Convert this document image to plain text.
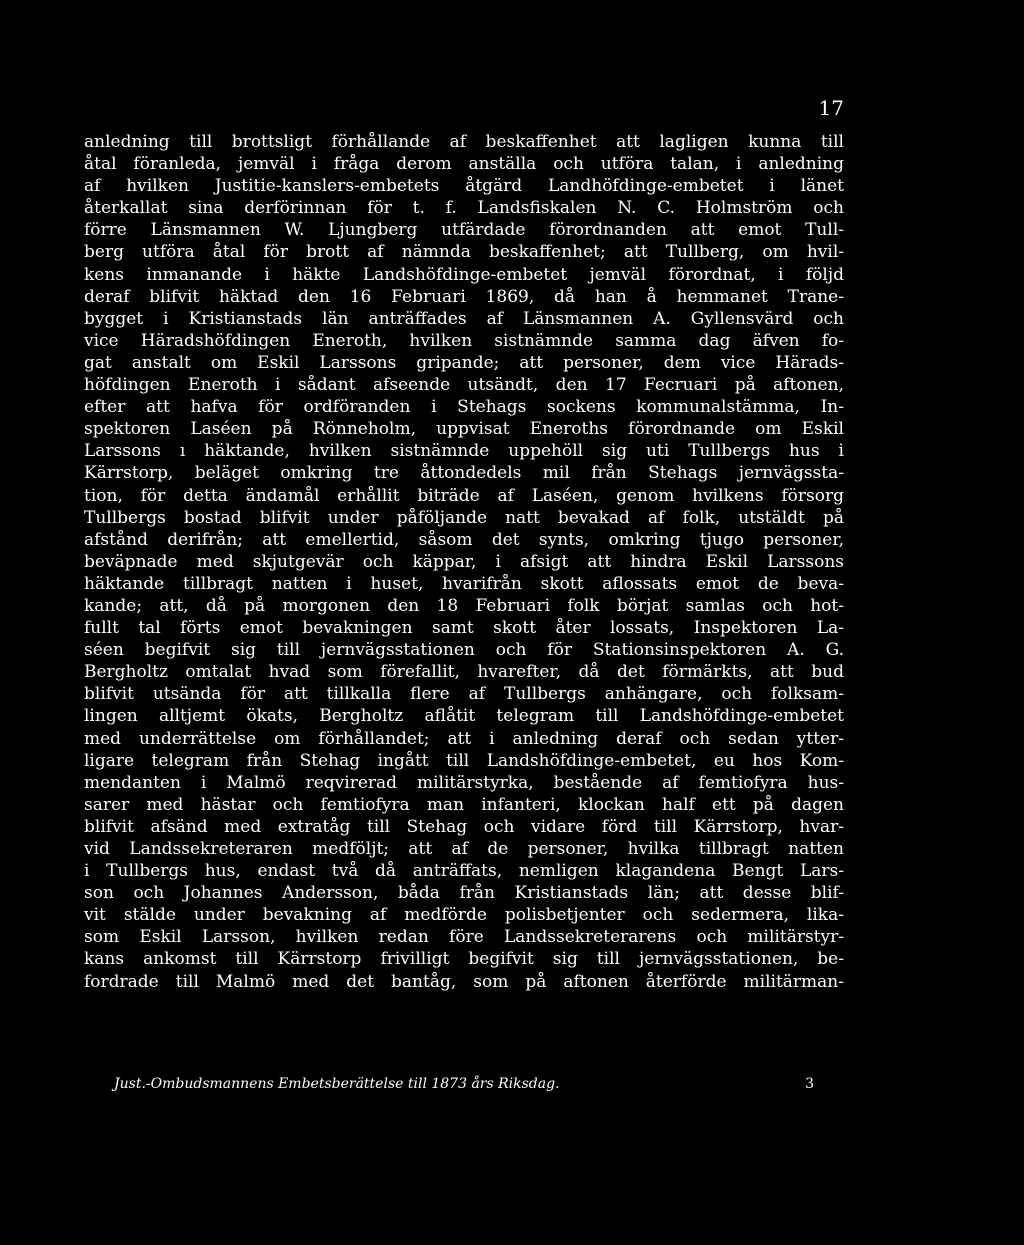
17
anledning till brottsligt förhållande af beskaffenhet att lagligen kunna till
åtal föranleda, jemväl i fråga derom anställa och utföra talan, i anledning
af hvilken Justitie-kanslers-embetets åtgärd Landhöfdinge-embetet i länet
återkallat sina derförinnan för t. f. Landsfiskalen N. C. Holmström och
förre Länsmannen W. Ljungberg utfärdade förordnanden att emot Tull-
berg utföra åtal för brott af nämnda beskaffenhet; att Tullberg, om hvil-
kens inmanande i häkte Landshöfdinge-embetet jemväl förordnat, i följd
deraf blifvit häktad den 16 Februari 1869, då han å hemmanet Trane-
bygget i Kristianstads län anträffades af Länsmannen A. Gyllensvärd och
vice Häradshöfdingen Eneroth, hvilken sistnämnde samma dag äfven fo-
gat anstalt om Eskil Larssons gripande; att personer, dem vice Härads-
höfdingen Eneroth i sådant afseende utsändt, den 17 Fecruari på aftonen,
efter att hafva för ordföranden i Stehags sockens kommunalstämma, In-
spektoren Laséen på Rönneholm, uppvisat Eneroths förordnande om Eskil
Larssons ı häktande, hvilken sistnämnde uppehöll sig uti Tullbergs hus i
Kärrstorp, beläget omkring tre åttondedels mil från Stehags jernvägssta-
tion, för detta ändamål erhållit biträde af Laséen, genom hvilkens försorg
Tullbergs bostad blifvit under påföljande natt bevakad af folk, utstäldt på
afstånd derifrån; att emellertid, såsom det synts, omkring tjugo personer,
beväpnade med skjutgevär och käppar, i afsigt att hindra Eskil Larssons
häktande tillbragt natten i huset, hvarifrån skott aflossats emot de beva-
kande; att, då på morgonen den 18 Februari folk börjat samlas och hot-
fullt tal förts emot bevakningen samt skott åter lossats, Inspektoren La-
séen begifvit sig till jernvägsstationen och för Stationsinspektoren A. G.
Bergholtz omtalat hvad som förefallit, hvarefter, då det förmärkts, att bud
blifvit utsända för att tillkalla flere af Tullbergs anhängare, och folksam-
lingen alltjemt ökats, Bergholtz aflåtit telegram till Landshöfdinge-embetet
med underrättelse om förhållandet; att i anledning deraf och sedan ytter-
ligare telegram från Stehag ingått till Landshöfdinge-embetet, eu hos Kom-
mendanten i Malmö reqvirerad militärstyrka, bestående af femtiofyra hus-
sarer med hästar och femtiofyra man infanteri, klockan half ett på dagen
blifvit afsänd med extratåg till Stehag och vidare förd till Kärrstorp, hvar-
vid Landssekreteraren medföljt; att af de personer, hvilka tillbragt natten
i Tullbergs hus, endast två då anträffats, nemligen klagandena Bengt Lars-
son och Johannes Andersson, båda från Kristianstads län; att desse blif-
vit stälde under bevakning af medförde polisbetjenter och sedermera, lika-
som Eskil Larsson, hvilken redan före Landssekreterarens och militärstyr-
kans ankomst till Kärrstorp frivilligt begifvit sig till jernvägsstationen, be-
fordrade till Malmö med det bantåg, som på aftonen återförde militärman-
Just.-Ombudsmannens Embetsberättelse till 1873 års Riksdag.	3
